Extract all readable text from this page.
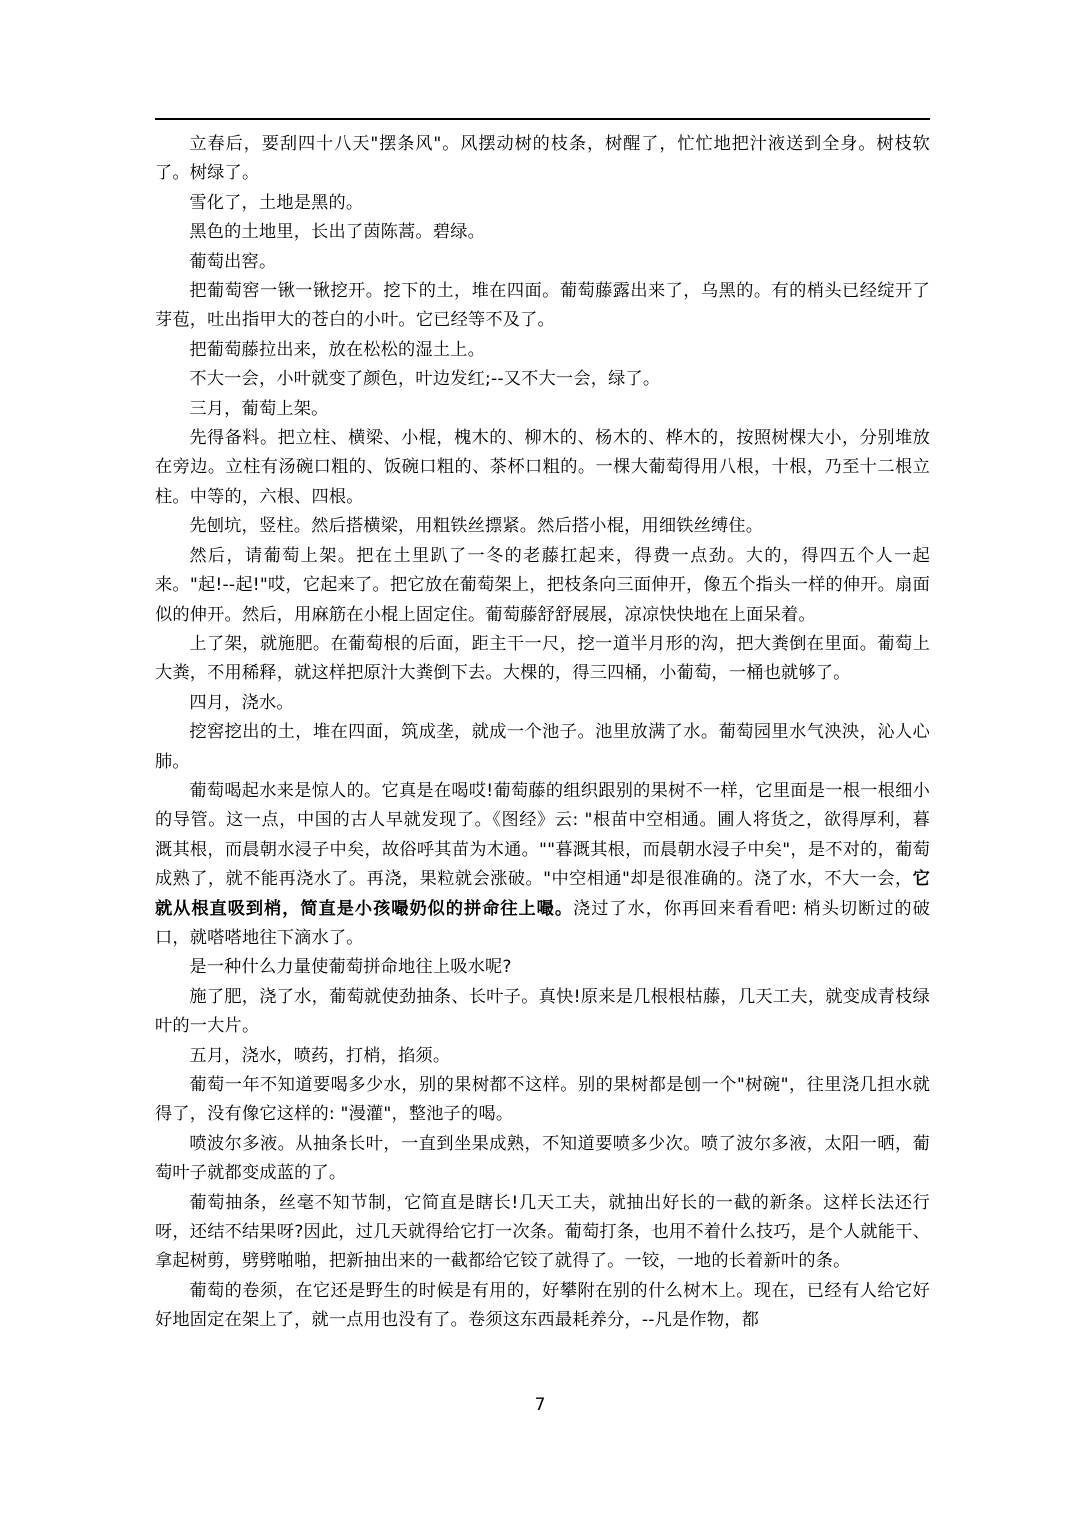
立春后，要刮四十八天"摆条风"。风摆动树的枝条，树醒了，忙忙地把汁液送到全身。树枝软了。树绿了。

雪化了，土地是黑的。

黑色的土地里，长出了茵陈蒿。碧绿。

葡萄出窖。

把葡萄窖一锹一锹挖开。挖下的土，堆在四面。葡萄藤露出来了，乌黑的。有的梢头已经绽开了芽苞，吐出指甲大的苍白的小叶。它已经等不及了。

把葡萄藤拉出来，放在松松的湿土上。

不大一会，小叶就变了颜色，叶边发红;--又不大一会，绿了。

三月，葡萄上架。

先得备料。把立柱、横梁、小棍，槐木的、柳木的、杨木的、桦木的，按照树棵大小，分别堆放在旁边。立柱有汤碗口粗的、饭碗口粗的、茶杯口粗的。一棵大葡萄得用八根，十根，乃至十二根立柱。中等的，六根、四根。

先刨坑，竖柱。然后搭横梁，用粗铁丝摽紧。然后搭小棍，用细铁丝缚住。

然后，请葡萄上架。把在土里趴了一冬的老藤扛起来，得费一点劲。大的，得四五个人一起来。"起!--起!"哎，它起来了。把它放在葡萄架上，把枝条向三面伸开，像五个指头一样的伸开。扇面似的伸开。然后，用麻筋在小棍上固定住。葡萄藤舒舒展展，凉凉快快地在上面呆着。

上了架，就施肥。在葡萄根的后面，距主干一尺，挖一道半月形的沟，把大粪倒在里面。葡萄上大粪，不用稀释，就这样把原汁大粪倒下去。大棵的，得三四桶，小葡萄，一桶也就够了。

四月，浇水。

挖窖挖出的土，堆在四面，筑成垄，就成一个池子。池里放满了水。葡萄园里水气泱泱，沁人心肺。

葡萄喝起水来是惊人的。它真是在喝哎!葡萄藤的组织跟别的果树不一样，它里面是一根一根细小的导管。这一点，中国的古人早就发现了。《图经》云: "根苗中空相通。圃人将货之，欲得厚利，暮溉其根，而晨朝水浸子中矣，故俗呼其苗为木通。""暮溉其根，而晨朝水浸子中矣"，是不对的，葡萄成熟了，就不能再浇水了。再浇，果粒就会涨破。"中空相通"却是很准确的。浇了水，不大一会，它就从根直吸到梢，简直是小孩嘬奶似的拼命往上嘬。浇过了水，你再回来看看吧: 梢头切断过的破口，就嗒嗒地往下滴水了。

是一种什么力量使葡萄拼命地往上吸水呢?

施了肥，浇了水，葡萄就使劲抽条、长叶子。真快!原来是几根根枯藤，几天工夫，就变成青枝绿叶的一大片。

五月，浇水，喷药，打梢，掐须。

葡萄一年不知道要喝多少水，别的果树都不这样。别的果树都是刨一个"树碗"，往里浇几担水就得了，没有像它这样的: "漫灌"，整池子的喝。

喷波尔多液。从抽条长叶，一直到坐果成熟，不知道要喷多少次。喷了波尔多液，太阳一晒，葡萄叶子就都变成蓝的了。

葡萄抽条，丝毫不知节制，它简直是瞎长!几天工夫，就抽出好长的一截的新条。这样长法还行呀，还结不结果呀?因此，过几天就得给它打一次条。葡萄打条，也用不着什么技巧，是个人就能干、拿起树剪，劈劈啪啪，把新抽出来的一截都给它铰了就得了。一铰，一地的长着新叶的条。

葡萄的卷须，在它还是野生的时候是有用的，好攀附在别的什么树木上。现在，已经有人给它好好地固定在架上了，就一点用也没有了。卷须这东西最耗养分，--凡是作物，都

7
